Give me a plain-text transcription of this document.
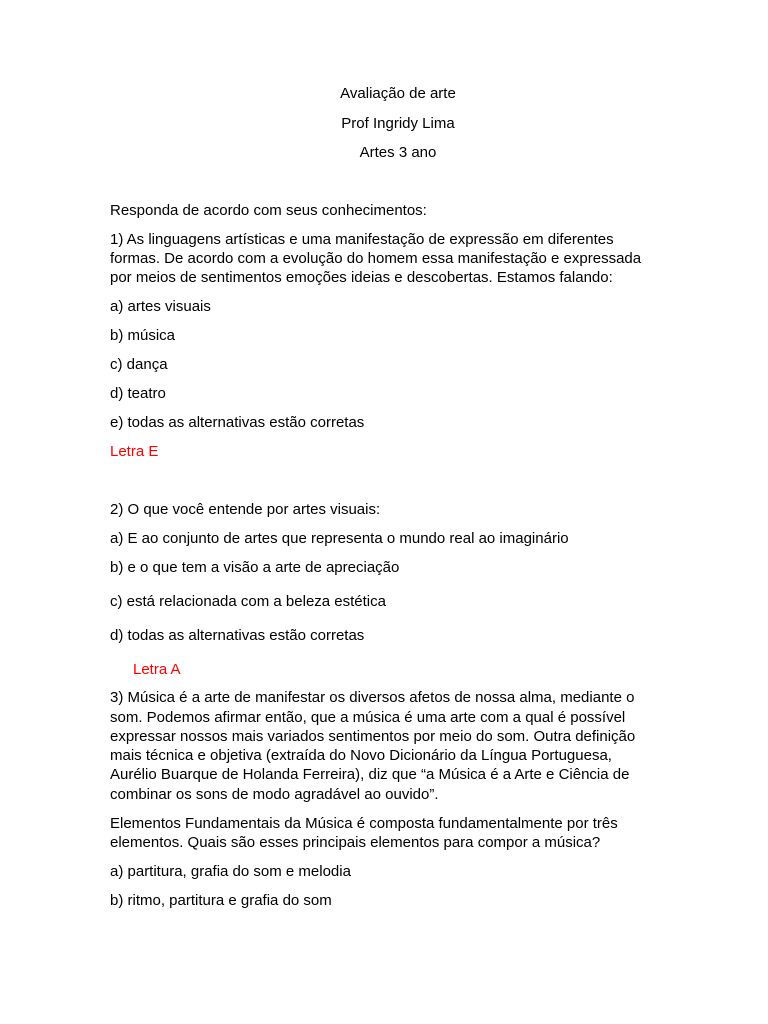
Avaliação de arte

Prof Ingridy Lima

Artes 3 ano

Responda de acordo com seus conhecimentos:

1) As linguagens artísticas e uma manifestação de expressão em diferentes

formas. De acordo com a evolução do homem essa manifestação e expressada

por meios de sentimentos emoções ideias e descobertas. Estamos falando:

a) artes visuais

b) música

c) dança

d) teatro

e) todas as alternativas estão corretas

Letra E

2) O que você entende por artes visuais:

a) E ao conjunto de artes que representa o mundo real ao imaginário

b) e o que tem a visão a arte de apreciação

c) está relacionada com a beleza estética

d) todas as alternativas estão corretas

Letra A

3) Música é a arte de manifestar os diversos afetos de nossa alma, mediante o

som. Podemos afirmar então, que a música é uma arte com a qual é possível

expressar nossos mais variados sentimentos por meio do som. Outra definição

mais técnica e objetiva (extraída do Novo Dicionário da Língua Portuguesa,

Aurélio Buarque de Holanda Ferreira), diz que “a Música é a Arte e Ciência de

combinar os sons de modo agradável ao ouvido”.

Elementos Fundamentais da Música é composta fundamentalmente por três

elementos. Quais são esses principais elementos para compor a música?

a) partitura, grafia do som e melodia

b) ritmo, partitura e grafia do som
